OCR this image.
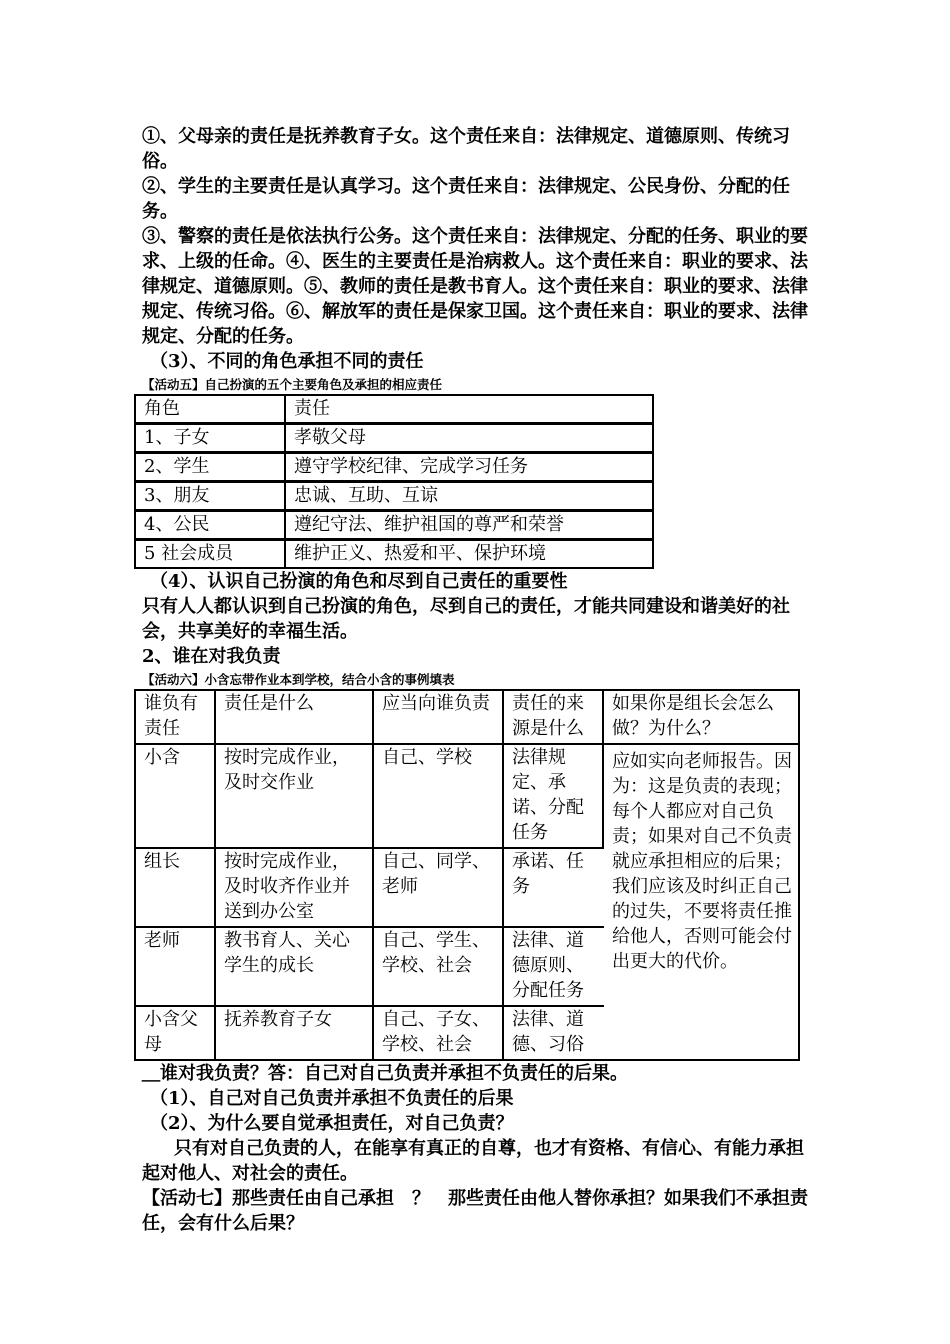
①、父母亲的责任是抚养教育子女。这个责任来自：法律规定、道德原则、传统习俗。

②、学生的主要责任是认真学习。这个责任来自：法律规定、公民身份、分配的任务。

③、警察的责任是依法执行公务。这个责任来自：法律规定、分配的任务、职业的要求、上级的任命。④、医生的主要责任是治病救人。这个责任来自：职业的要求、法律规定、道德原则。⑤、教师的责任是教书育人。这个责任来自：职业的要求、法律规定、传统习俗。⑥、解放军的责任是保家卫国。这个责任来自：职业的要求、法律规定、分配的任务。

（3）、不同的角色承担不同的责任

【活动五】自己扮演的五个主要角色及承担的相应责任
角色	责任
1、子女	孝敬父母
2、学生	遵守学校纪律、完成学习任务
3、朋友	忠诚、互助、互谅
4、公民	遵纪守法、维护祖国的尊严和荣誉
5 社会成员	维护正义、热爱和平、保护环境

（4）、认识自己扮演的角色和尽到自己责任的重要性

只有人人都认识到自己扮演的角色，尽到自己的责任，才能共同建设和谐美好的社会，共享美好的幸福生活。

2、谁在对我负责

【活动六】小含忘带作业本到学校，结合小含的事例填表
谁负有责任	责任是什么	应当向谁负责	责任的来源是什么	如果你是组长会怎么做？为什么？
小含	按时完成作业，及时交作业	自己、学校	法律规定、承诺、分配任务	应如实向老师报告。因为：这是负责的表现；每个人都应对自己负责；如果对自己不负责就应承担相应的后果；我们应该及时纠正自己的过失，不要将责任推给他人，否则可能会付出更大的代价。
组长	按时完成作业，及时收齐作业并送到办公室	自己、同学、老师	承诺、任务	
老师	教书育人、关心学生的成长	自己、学生、学校、社会	法律、道德原则、分配任务	
小含父母	抚养教育子女	自己、子女、学校、社会	法律、道德、习俗	

＿谁对我负责？答：自己对自己负责并承担不负责任的后果。

（1）、自己对自己负责并承担不负责任的后果

（2）、为什么要自觉承担责任，对自己负责？

只有对自己负责的人，在能享有真正的自尊，也才有资格、有信心、有能力承担起对他人、对社会的责任。

【活动七】那些责任由自己承担　？　那些责任由他人替你承担？如果我们不承担责任，会有什么后果？
